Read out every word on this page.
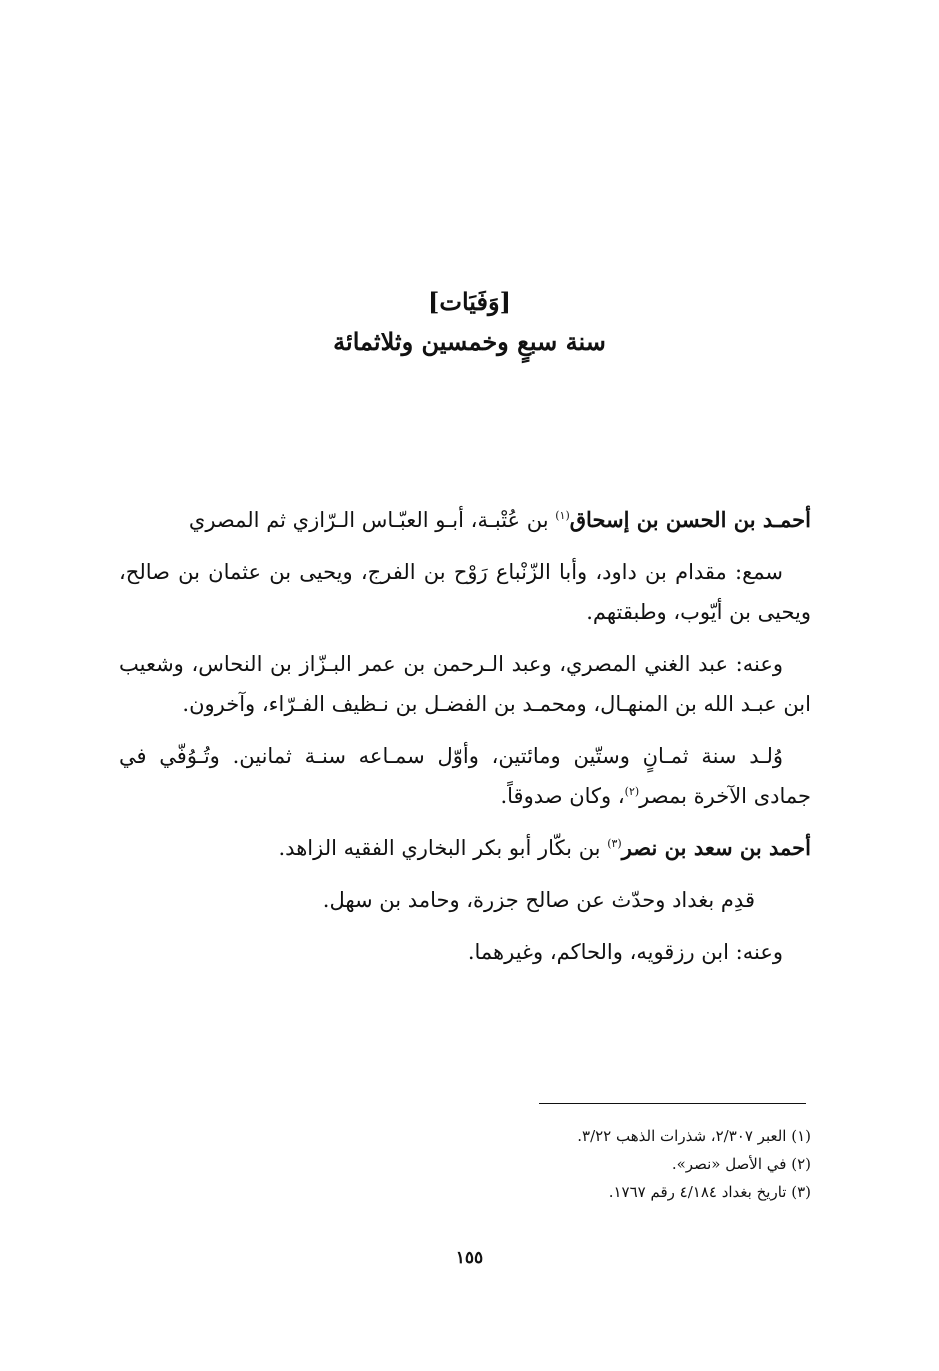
[وَفَيَات]
سنة سبعٍ وخمسين وثلاثمائة

أحمـد بن الحسن بن إسحاق$^{(١)}$ بن عُتْبـة، أبـو العبّـاس الـرّازي ثم المصري

سمع: مقدام بن داود، وأبا الزّنْباع رَوْح بن الفرج، ويحيى بن عثمان بن صالح، ويحيى بن أيّوب، وطبقتهم.

وعنه: عبد الغني المصري، وعبد الـرحمن بن عمر البـزّاز بن النحاس، وشعيب ابن عبـد الله بن المنهـال، ومحمـد بن الفضـل بن نـظيف الفـرّاء، وآخرون.

وُلـد سنة ثمـانٍ وستّين ومائتين، وأوّل سمـاعه سنـة ثمانين. وتُـوُفّي في جمادى الآخرة بمصر$^{(٢)}$، وكان صدوقاً.

أحمد بن سعد بن نصر$^{(٣)}$ بن بكّار أبو بكر البخاري الفقيه الزاهد.

قدِم بغداد وحدّث عن صالح جزرة، وحامد بن سهل.

وعنه: ابن رزقويه، والحاكم، وغيرهما.

(١) العبر ٢/٣٠٧، شذرات الذهب ٣/٢٢.
(٢) في الأصل «نصر».
(٣) تاريخ بغداد ٤/١٨٤ رقم ١٧٦٧.
١٥٥
